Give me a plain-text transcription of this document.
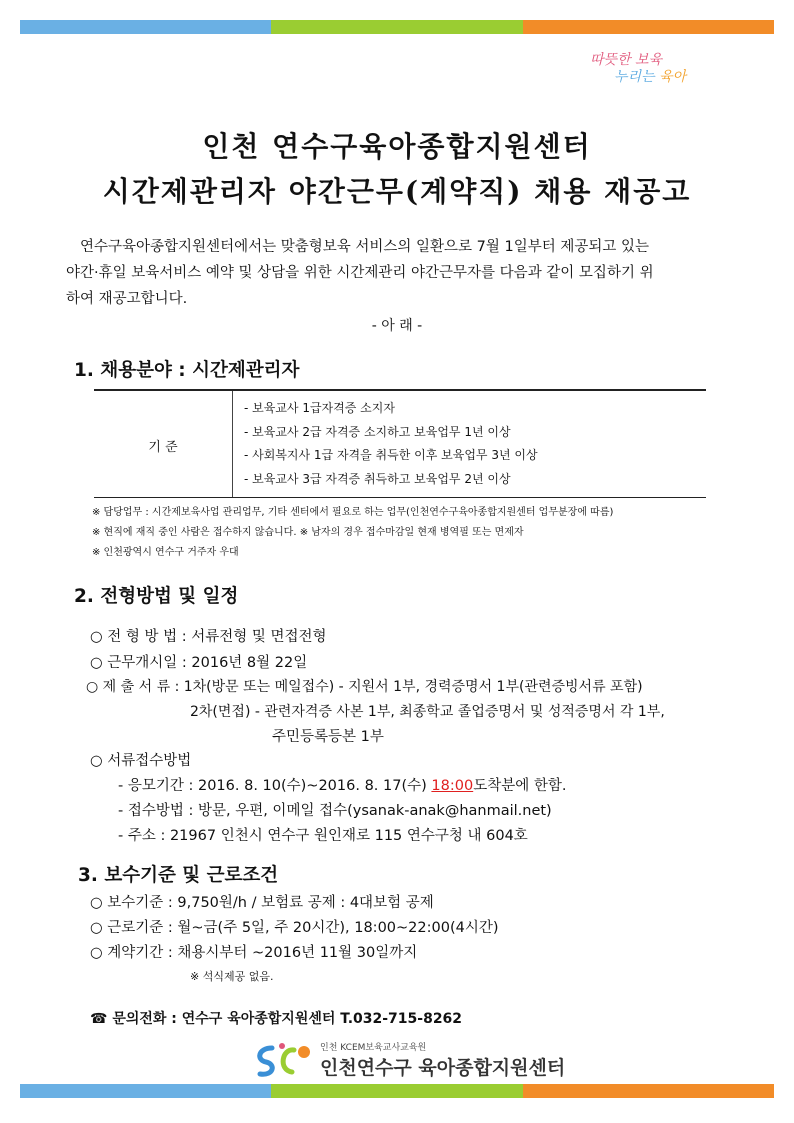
따뜻한 보육
누리는 육아
인천 연수구육아종합지원센터
시간제관리자 야간근무(계약직) 채용 재공고
연수구육아종합지원센터에서는 맞춤형보육 서비스의 일환으로 7월 1일부터 제공되고 있는
야간·휴일 보육서비스 예약 및 상담을 위한 시간제관리 야간근무자를 다음과 같이 모집하기 위
하여 재공고합니다.
- 아 래 -
1. 채용분야 : 시간제관리자
기 준
- 보육교사 1급자격증 소지자
- 보육교사 2급 자격증 소지하고 보육업무 1년 이상
- 사회복지사 1급 자격을 취득한 이후 보육업무 3년 이상
- 보육교사 3급 자격증 취득하고 보육업무 2년 이상
※ 담당업무 : 시간제보육사업 관리업무, 기타 센터에서 필요로 하는 업무(인천연수구육아종합지원센터 업무분장에 따름)
※ 현직에 재직 중인 사람은 접수하지 않습니다. ※ 남자의 경우 접수마감일 현재 병역필 또는 면제자
※ 인천광역시 연수구 거주자 우대
2. 전형방법 및 일정
○ 전 형 방 법 : 서류전형 및 면접전형
○ 근무개시일 : 2016년 8월 22일
○ 제 출 서 류 : 1차(방문 또는 메일접수) - 지원서 1부, 경력증명서 1부(관련증빙서류 포함)
2차(면접) - 관련자격증 사본 1부, 최종학교 졸업증명서 및 성적증명서 각 1부,
주민등록등본 1부
○ 서류접수방법
- 응모기간 : 2016. 8. 10(수)~2016. 8. 17(수) 18:00도착분에 한함.
- 접수방법 : 방문, 우편, 이메일 접수(ysanak-anak@hanmail.net)
- 주소 : 21967 인천시 연수구 원인재로 115 연수구청 내 604호
3. 보수기준 및 근로조건
○ 보수기준 : 9,750원/h / 보험료 공제 : 4대보험 공제
○ 근로기준 : 월~금(주 5일, 주 20시간), 18:00~22:00(4시간)
○ 계약기간 : 채용시부터 ~2016년 11월 30일까지
※ 석식제공 없음.
☎ 문의전화 : 연수구 육아종합지원센터 T.032-715-8262
인천 KCEM보육교사교육원
인천연수구 육아종합지원센터
